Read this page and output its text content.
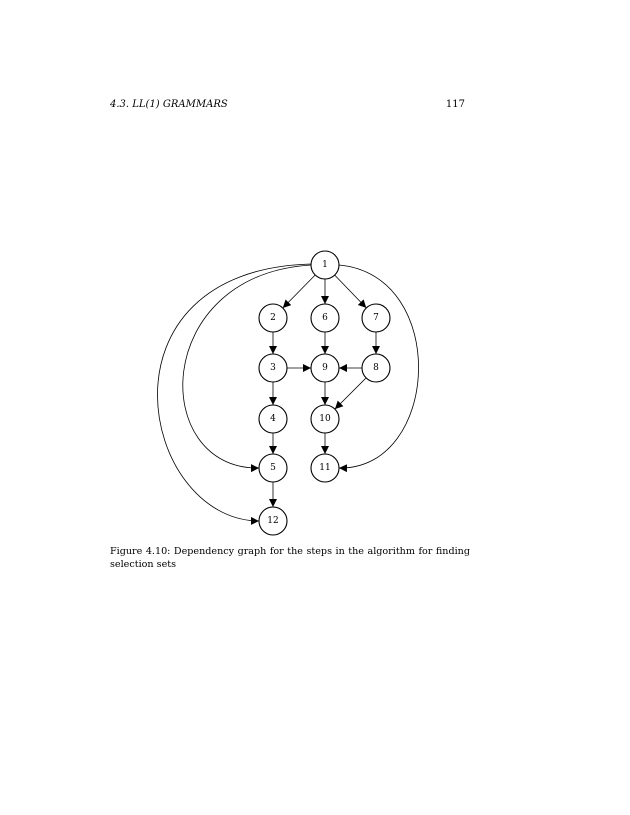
4.3. LL(1) GRAMMARS	117
1
2	6	7
3	9	8
4	10
5	11
12
Figure 4.10: Dependency graph for the steps in the algorithm for finding selection sets
